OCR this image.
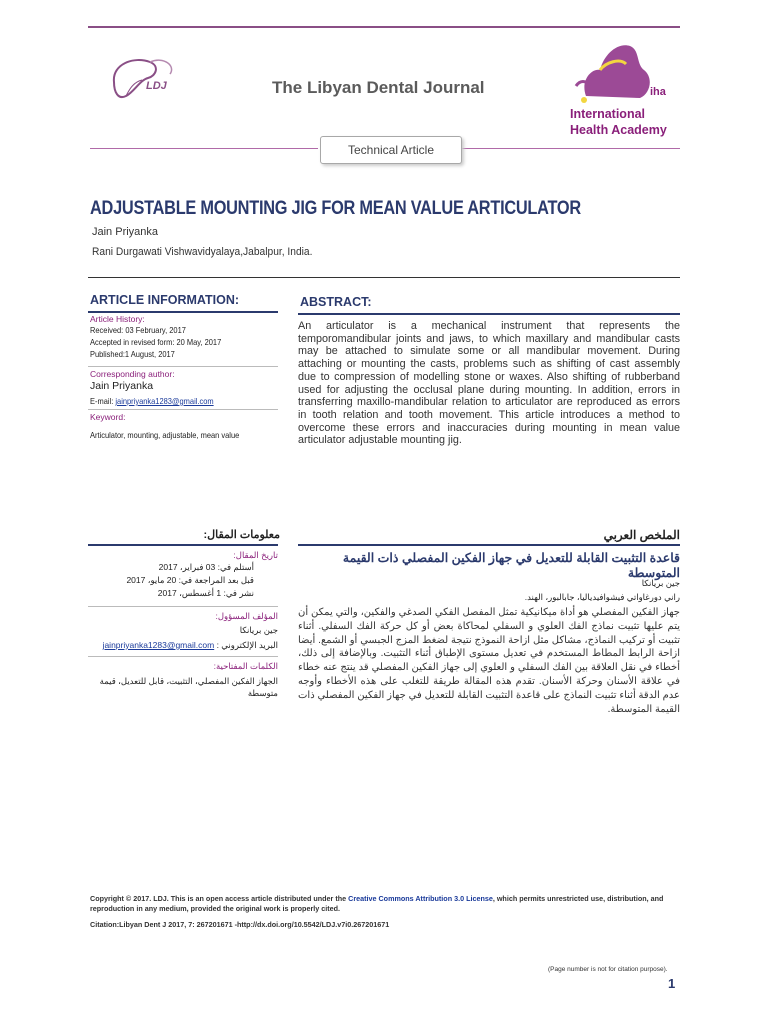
LDJ	The Libyan Dental Journal	iha
International
Health Academy
Technical Article
ADJUSTABLE MOUNTING JIG FOR MEAN VALUE ARTICULATOR
Jain Priyanka
Rani Durgawati Vishwavidyalaya,Jabalpur, India.
ARTICLE INFORMATION:
Article History:
Received: 03 February, 2017
Accepted in revised form: 20 May, 2017
Published:1 August, 2017
Corresponding author:
Jain Priyanka
E-mail: jainpriyanka1283@gmail.com
Keyword:
Articulator, mounting, adjustable, mean value
ABSTRACT:
An articulator is a mechanical instrument that represents the temporomandibular joints and jaws, to which maxillary and mandibular casts may be attached to simulate some or all mandibular movement. During attaching or mounting the casts, problems such as shifting of cast assembly due to compression of modelling stone or waxes. Also shifting of rubberband used for adjusting the occlusal plane during mounting. In addition, errors in transferring maxillo-mandibular relation to articulator are reproduced as errors in tooth relation and tooth movement. This article introduces a method to overcome these errors and inaccuracies during mounting in mean value articulator adjustable mounting jig.
معلومات المقال:	الملخص العربي
قاعدة التثبيت القابلة للتعديل في جهاز الفكين المفصلي ذات القيمة المتوسطة
جين بريانكا
راني دورغاواتي فيشوافيدياليا، جابالبور، الهند.
جهاز الفكين المفصلي هو أداة ميكانيكية تمثل المفصل الفكي الصدغي والفكين، والتي يمكن أن يتم عليها تثبيت نماذج الفك العلوي و السفلي لمحاكاة بعض أو كل حركة الفك السفلي. أثناء تثبيت أو تركيب النماذج، مشاكل مثل ازاحة النموذج نتيجة لضغط المزج الجبسي أو الشمع. أيضا ازاحة الرابط المطاط المستخدم في تعديل مستوى الإطباق أثناء التثبيت. وبالإضافة إلى ذلك، أخطاء في نقل العلاقة بين الفك السفلي و العلوي إلى جهاز الفكين المفصلي قد ينتج عنه خطاء في علاقة الأسنان وحركة الأسنان. تقدم هذه المقالة طريقة للتغلب على هذه الأخطاء وأوجه عدم الدقة أثناء تثبيت النماذج على قاعدة التثبيت القابلة للتعديل في جهاز الفكين المفصلي ذات القيمة المتوسطة.
تاريخ المقال:
أستلم في: 03 فبراير، 2017
قبل بعد المراجعة في: 20 مايو، 2017
نشر في: 1 أغسطس، 2017
المؤلف المسؤول:
جين بريانكا
jainpriyanka1283@gmail.com البريد الإلكتروني :
الكلمات المفتاحية:
الجهاز الفكين المفصلي، التثبيت، قابل للتعديل، قيمة متوسطة
Copyright © 2017. LDJ. This is an open access article distributed under the Creative Commons Attribution 3.0 License, which permits unrestricted use, distribution, and reproduction in any medium, provided the original work is properly cited.
Citation:Libyan Dent J 2017, 7: 267201671 -http://dx.doi.org/10.5542/LDJ.v7i0.267201671
(Page number is not for citation purpose).
1
